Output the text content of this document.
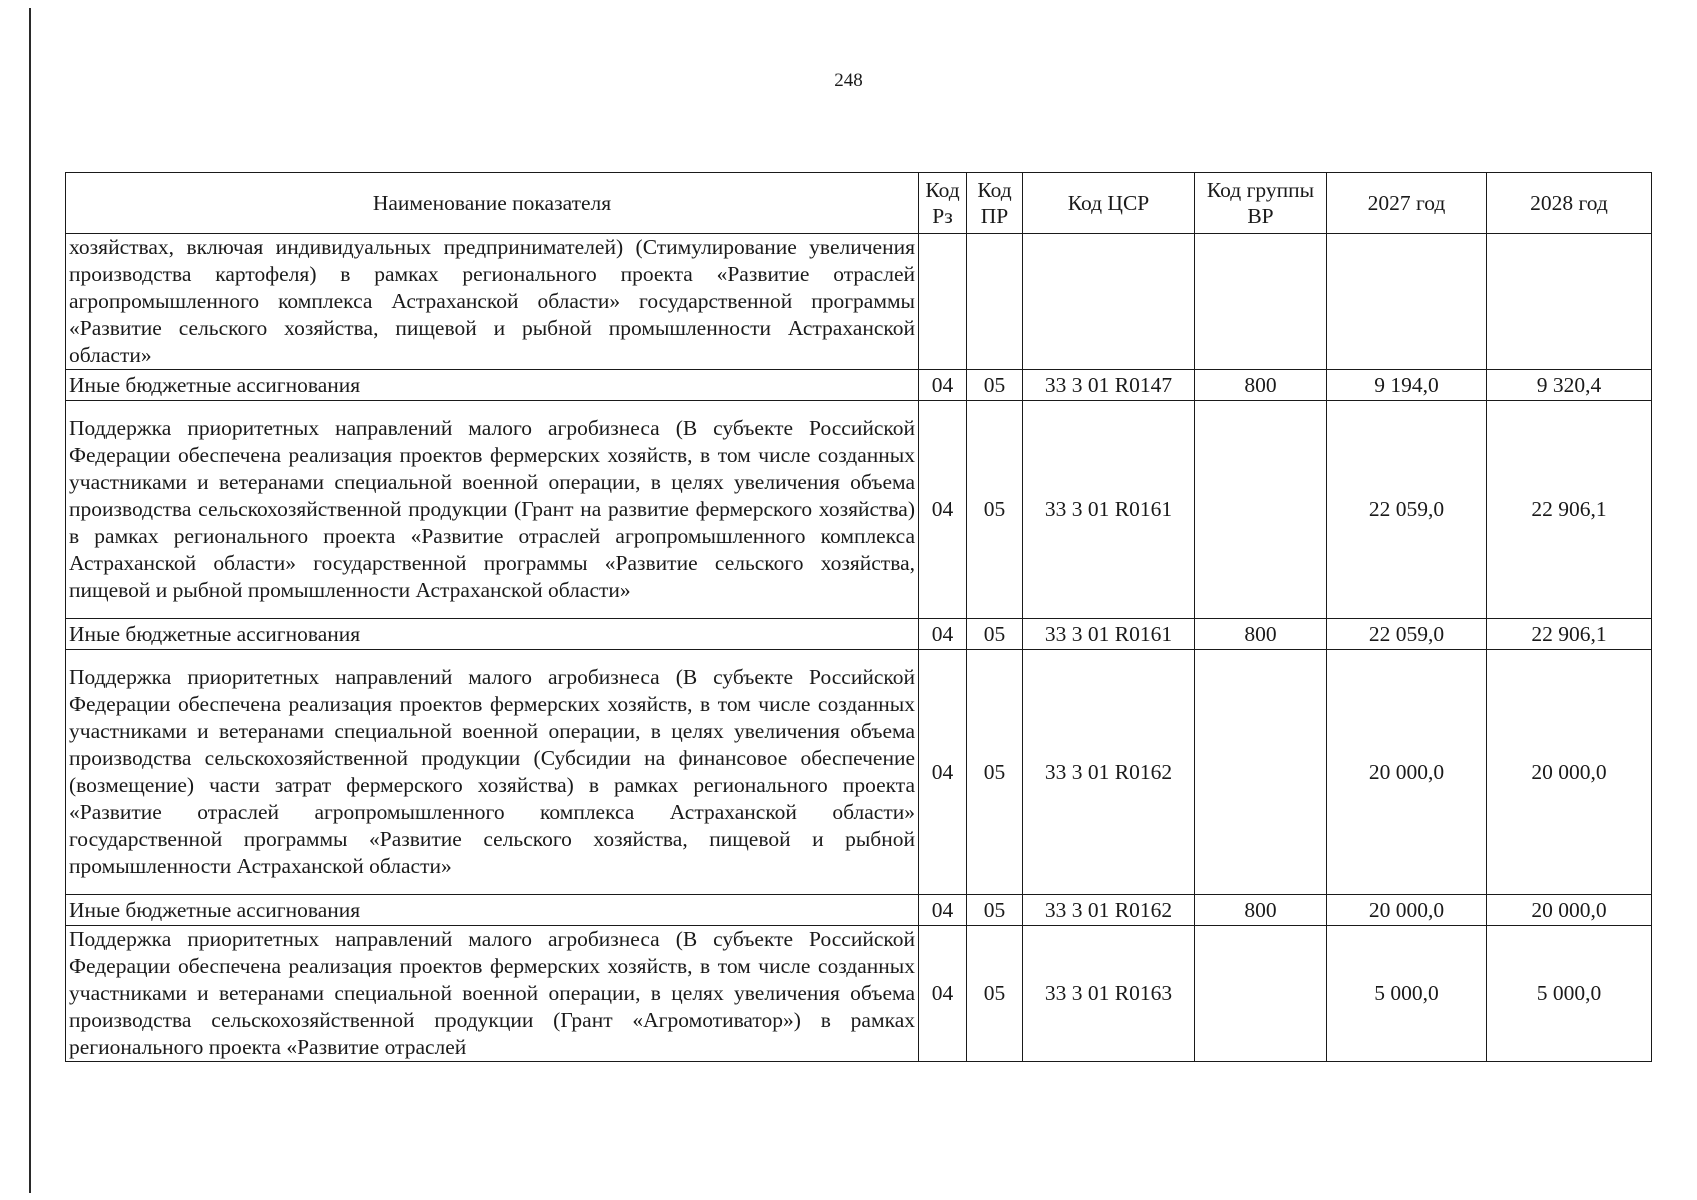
248
Наименование показателя	Код Рз	Код ПР	Код ЦСР	Код группы ВР	2027 год	2028 год
хозяйствах, включая индивидуальных предпринимателей) (Стимулирование увеличения производства картофеля) в рамках регионального проекта «Развитие отраслей агропромышленного комплекса Астраханской области» государственной программы «Развитие сельского хозяйства, пищевой и рыбной промышленности Астраханской области»						
Иные бюджетные ассигнования	04	05	33 3 01 R0147	800	9 194,0	9 320,4
Поддержка приоритетных направлений малого агробизнеса (В субъекте Российской Федерации обеспечена реализация проектов фермерских хозяйств, в том числе созданных участниками и ветеранами специальной военной операции, в целях увеличения объема производства сельскохозяйственной продукции (Грант на развитие фермерского хозяйства) в рамках регионального проекта «Развитие отраслей агропромышленного комплекса Астраханской области» государственной программы «Развитие сельского хозяйства, пищевой и рыбной промышленности Астраханской области»	04	05	33 3 01 R0161		22 059,0	22 906,1
Иные бюджетные ассигнования	04	05	33 3 01 R0161	800	22 059,0	22 906,1
Поддержка приоритетных направлений малого агробизнеса (В субъекте Российской Федерации обеспечена реализация проектов фермерских хозяйств, в том числе созданных участниками и ветеранами специальной военной операции, в целях увеличения объема производства сельскохозяйственной продукции (Субсидии на финансовое обеспечение (возмещение) части затрат фермерского хозяйства) в рамках регионального проекта «Развитие отраслей агропромышленного комплекса Астраханской области» государственной программы «Развитие сельского хозяйства, пищевой и рыбной промышленности Астраханской области»	04	05	33 3 01 R0162		20 000,0	20 000,0
Иные бюджетные ассигнования	04	05	33 3 01 R0162	800	20 000,0	20 000,0
Поддержка приоритетных направлений малого агробизнеса (В субъекте Российской Федерации обеспечена реализация проектов фермерских хозяйств, в том числе созданных участниками и ветеранами специальной военной операции, в целях увеличения объема производства сельскохозяйственной продукции (Грант «Агромотиватор») в рамках регионального проекта «Развитие отраслей	04	05	33 3 01 R0163		5 000,0	5 000,0
